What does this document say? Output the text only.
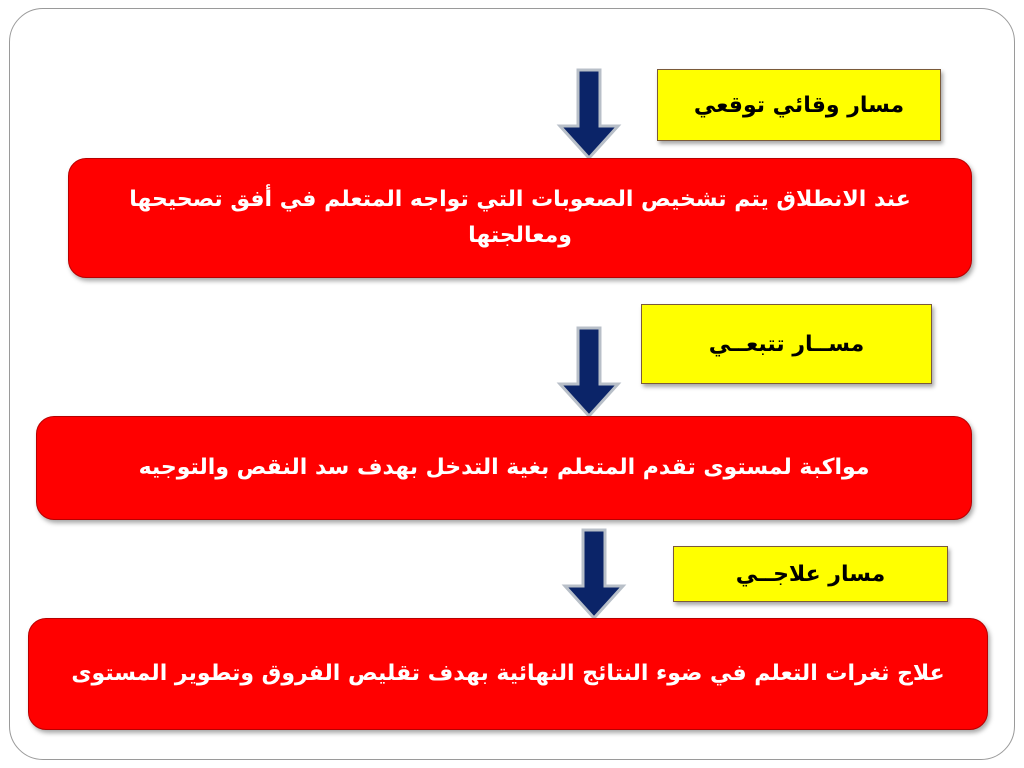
مسار وقائي توقعي
عند الانطلاق يتم تشخيص الصعوبات التي تواجه المتعلم في أفق تصحيحها ومعالجتها
مســار تتبعــي
مواكبة لمستوى تقدم المتعلم بغية التدخل بهدف سد النقص والتوجيه
مسار علاجــي
علاج ثغرات التعلم في ضوء النتائج النهائية بهدف تقليص الفروق وتطوير المستوى
